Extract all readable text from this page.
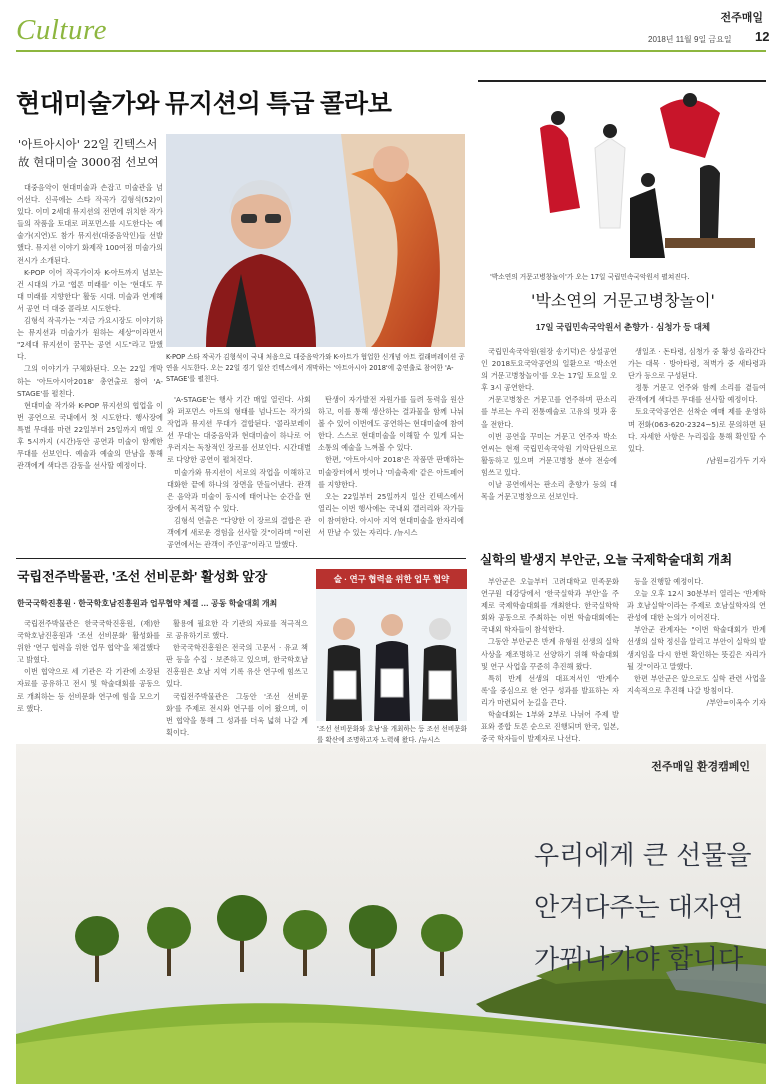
Culture	전주매일
2018년 11월 9일 금요일 12
현대미술가와 뮤지션의 특급 콜라보
'아트아시아' 22일 킨텍스서
故 현대미술 3000점 선보여

대중음악이 현대미술과 손잡고 미술관을 넘어선다. 신곡에는 스타 작곡가 김형석(52)이 있다. 이미 2세대 뮤지션의 전면에 위치한 작가들의 작품을 토대로 퍼포먼스를 시도한다는 예술가(지연)도 참가 뮤지션(대중음악인)들 선발했다. 뮤지션 이야기 화제작 100여점 미술가의 전시가 소개된다.

K-POP 이어 작곡가이자 K-아트까지 넘보는 건 시대의 가교 '협론 미래를' 이는 '현대도 무대 미래를 지향한다' 활동 시대. 미술과 연계해서 공연 더 대중 콜라보 시도한다.

김형석 작곡가는 "지금 가요시장도 이야기하는 뮤지션과 미술가가 원하는 세상"이라면서 "2세대 뮤지션이 꿈꾸는 공연 시도"라고 말했다.

그의 이야기가 구체화된다. 오는 22일 개막하는 '아트아시아2018' 총연출로 참여 'A-STAGE'를 펼친다.

현대미술 작가와 K-POP 뮤지션의 협업을 이번 공연으로 국내에서 첫 시도한다. 행사장에 특별 무대를 마련 22일부터 25일까지 매일 오후 5시까지 (시간)동안 공연과 미술이 함께한 무대를 선보인다. 예술과 예술의 만남을 통해 관객에게 색다른 감동을 선사할 예정이다.

K-POP 스타 작곡가 김형석이 국내 처음으로 대중음악가와 K-아트가 협업한 신개념 아트 컬래버레이션 공연을 시도한다. 오는 22일 경기 일산 킨텍스에서 개막하는 '아트아시아 2018'에 총연출로 참여한 'A-STAGE'를 펼친다.

'A-STAGE'는 행사 기간 매일 열린다. 사회와 퍼포먼스 아트의 형태를 넘나드는 작가의 작업과 뮤지션 무대가 결합된다. '콜라보레이션 무대'는 대중음악과 현대미술이 하나로 어우러지는 독창적인 장르를 선보인다. 시간대별로 다양한 공연이 펼쳐진다.

미술가와 뮤지션이 서로의 작업을 이해하고 대화한 끝에 하나의 장면을 만들어낸다. 관객은 음악과 미술이 동시에 태어나는 순간을 현장에서 목격할 수 있다.

김형석 연출은 "다양한 이 장르의 결합은 관객에게 새로운 경험을 선사할 것"이라며 "이런 공연에서는 관객이 주인공"이라고 말했다.

탄생이 자가발전 자원가를 들려 동력을 원산하고, 이를 통해 생산하는 결과물을 함께 나눠볼 수 있어 이번에도 공연하는 현대미술에 참여한다. 스스로 현대미술을 이해할 수 있게 되는 소통의 예술을 느껴볼 수 있다.

한편, '아트아시아 2018'은 작품만 판매하는 미술장터에서 벗어나 '미술축제' 같은 아트페어를 지향한다.

오는 22일부터 25일까지 일산 킨텍스에서 열리는 이번 행사에는 국내외 갤러리와 작가들이 참여한다. 아시아 지역 현대미술을 한자리에서 만날 수 있는 자리다. /뉴시스

'박소연의 거문고병창놀이'가 오는 17일 국립민속국악원서 펼쳐진다.
'박소연의 거문고병창놀이'
17일 국립민속국악원서 춘향가 · 심청가 등 대체

국립민속국악원(원장 송기덕)은 상설공연인 2018토요국악공연의 일환으로 '박소연의 거문고병창놀이'를 오는 17일 토요일 오후 3시 공연한다.

거문고병창은 거문고를 연주하며 판소리를 부르는 우리 전통예술로 고유의 멋과 흥을 전한다.

이번 공연을 꾸미는 거문고 연주자 박소연씨는 현재 국립민속국악원 기악단원으로 활동하고 있으며 거문고병창 분야 전승에 힘쓰고 있다.

이날 공연에서는 판소리 춘향가 등의 대목을 거문고병창으로 선보인다.

생일조 · 돈타령, 심청가 중 황성 올라간다 가는 대목 · 방아타령, 적벽가 중 새타령과 단가 등으로 구성된다.

정통 거문고 연주와 함께 소리를 곁들여 관객에게 색다른 무대를 선사할 예정이다.

토요국악공연은 선착순 예매 제를 운영하며 전화(063-620-2324~5)로 문의하면 된다. 자세한 사항은 누리집을 통해 확인할 수 있다.

/남원=김가두 기자

실학의 발생지 부안군, 오늘 국제학술대회 개최

부안군은 오늘부터 고려대학교 민족문화연구원 대강당에서 '한국실학과 부안'을 주제로 국제학술대회를 개최한다. 한국실학학회와 공동으로 주최하는 이번 학술대회에는 국내외 학자들이 참석한다.

그동안 부안군은 반계 유형원 선생의 실학사상을 재조명하고 선양하기 위해 학술대회 및 연구 사업을 꾸준히 추진해 왔다.

특히 반계 선생의 대표저서인 '반계수록'을 중심으로 한 연구 성과를 발표하는 자리가 마련되어 눈길을 끈다.

학술대회는 1부와 2부로 나뉘어 주제 발표와 종합 토론 순으로 진행되며 한국, 일본, 중국 학자들이 발제자로 나선다.

등을 진행할 예정이다.

오늘 오후 12시 30분부터 열리는 '반계학과 호남실학'이라는 주제로 호남실학자의 연관성에 대한 논의가 이어진다.

부안군 관계자는 "이번 학술대회가 반계 선생의 실학 정신을 알리고 부안이 실학의 발생지임을 다시 한번 확인하는 뜻깊은 자리가 될 것"이라고 말했다.

한편 부안군은 앞으로도 실학 관련 사업을 지속적으로 추진해 나갈 방침이다.

/부안=이옥수 기자

국립전주박물관, '조선 선비문화' 활성화 앞장
한국국학진흥원 · 한국학호남진흥원과 업무협약 체결 … 공동 학술대회 개최

국립전주박물관은 한국국학진흥원, (재)한국학호남진흥원과 '조선 선비문화' 활성화를 위한 '연구 협력을 위한 업무 협약'을 체결했다고 밝혔다.

이번 협약으로 세 기관은 각 기관에 소장된 자료를 공유하고 전시 및 학술대회를 공동으로 개최하는 등 선비문화 연구에 힘을 모으기로 했다.

활용에 필요한 각 기관의 자료를 적극적으로 공유하기로 했다.

한국국학진흥원은 전국의 고문서 · 유교 책판 등을 수집 · 보존하고 있으며, 한국학호남진흥원은 호남 지역 기록 유산 연구에 힘쓰고 있다.

국립전주박물관은 그동안 '조선 선비문화'를 주제로 전시와 연구를 이어 왔으며, 이번 협약을 통해 그 성과를 더욱 넓혀 나갈 계획이다.

술 · 연구 협력을 위한 업무 협약
'조선 선비문화와 호남'을 개최하는 등 조선 선비문화를 확산에 조명하고자 노력해 왔다. /뉴시스
전주매일 환경캠페인
우리에게 큰 선물을
안겨다주는 대자연
가꿔나가야 합니다
